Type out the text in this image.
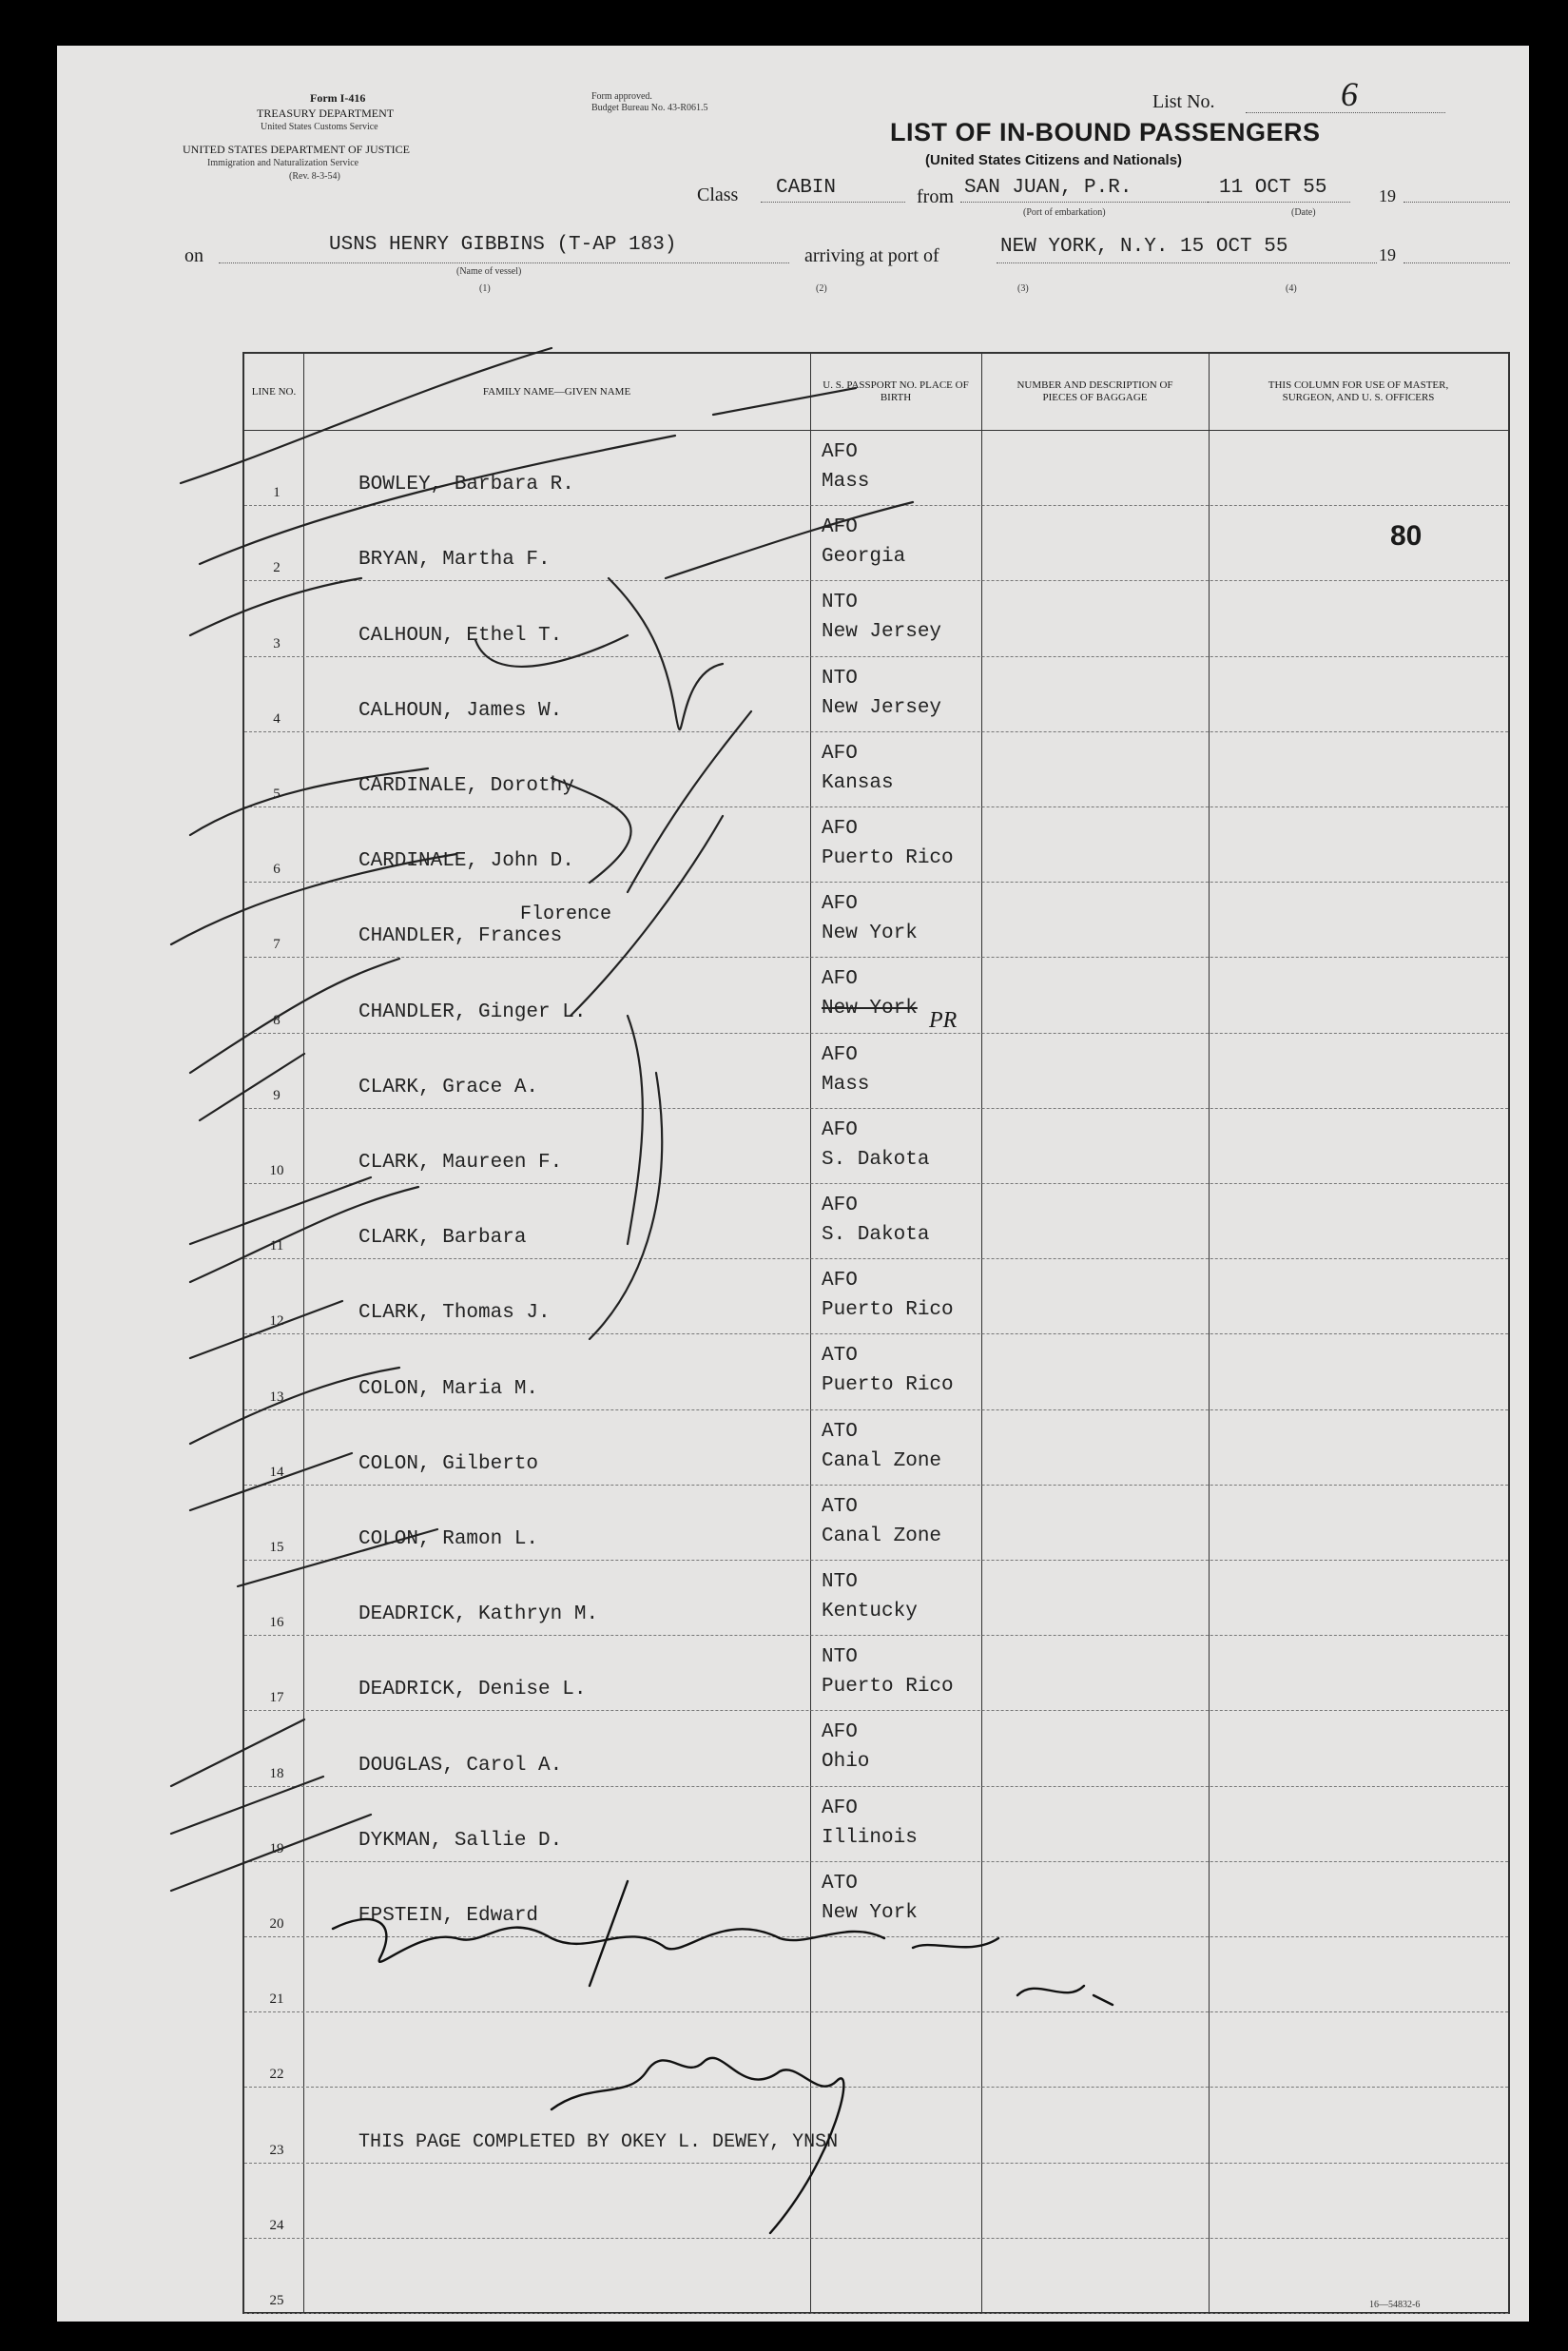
Form I-416
TREASURY DEPARTMENT
United States Customs Service
UNITED STATES DEPARTMENT OF JUSTICE
Immigration and Naturalization Service
(Rev. 8-3-54)
Form approved.
Budget Bureau No. 43-R061.5	List No.	6
LIST OF IN-BOUND PASSENGERS
(United States Citizens and Nationals)
Class CABIN	from SAN JUAN, P.R.
(Port of embarkation)
11 OCT 55
(Date)
19
on	USNS HENRY GIBBINS (T-AP 183)
(Name of vessel)
(1)
arriving at port of	NEW YORK, N.Y. 15 OCT 55	19
(2)	(3)	(4)
LINE NO.	FAMILY NAME—GIVEN NAME
U. S. PASSPORT NO. PLACE OF BIRTH
NUMBER AND DESCRIPTION OF PIECES OF BAGGAGE
THIS COLUMN FOR USE OF MASTER, SURGEON, AND U. S. OFFICERS
1	BOWLEY, Barbara R.
AFO
Mass
2	BRYAN, Martha F.
AFO
Georgia
3	CALHOUN, Ethel T.
NTO
New Jersey
4	CALHOUN, James W.
NTO
New Jersey
5	CARDINALE, Dorothy
AFO
Kansas
6	CARDINALE, John D.
AFO
Puerto Rico
7	CHANDLER, Frances
AFO
New York
8	CHANDLER, Ginger L.
AFO
New York
9	CLARK, Grace A.
AFO
Mass
10	CLARK, Maureen F.
AFO
S. Dakota
11	CLARK, Barbara
AFO
S. Dakota
12	CLARK, Thomas J.
AFO
Puerto Rico
13	COLON, Maria M.
ATO
Puerto Rico
14	COLON, Gilberto
ATO
Canal Zone
15	COLON, Ramon L.
ATO
Canal Zone
16	DEADRICK, Kathryn M.
NTO
Kentucky
17	DEADRICK, Denise L.
NTO
Puerto Rico
18	DOUGLAS, Carol A.
AFO
Ohio
19	DYKMAN, Sallie D.
AFO
Illinois
20	EPSTEIN, Edward
ATO
New York
21
22
23	THIS PAGE COMPLETED BY OKEY L. DEWEY, YNSN
24
25
80
Florence
PR
16—54832-6
